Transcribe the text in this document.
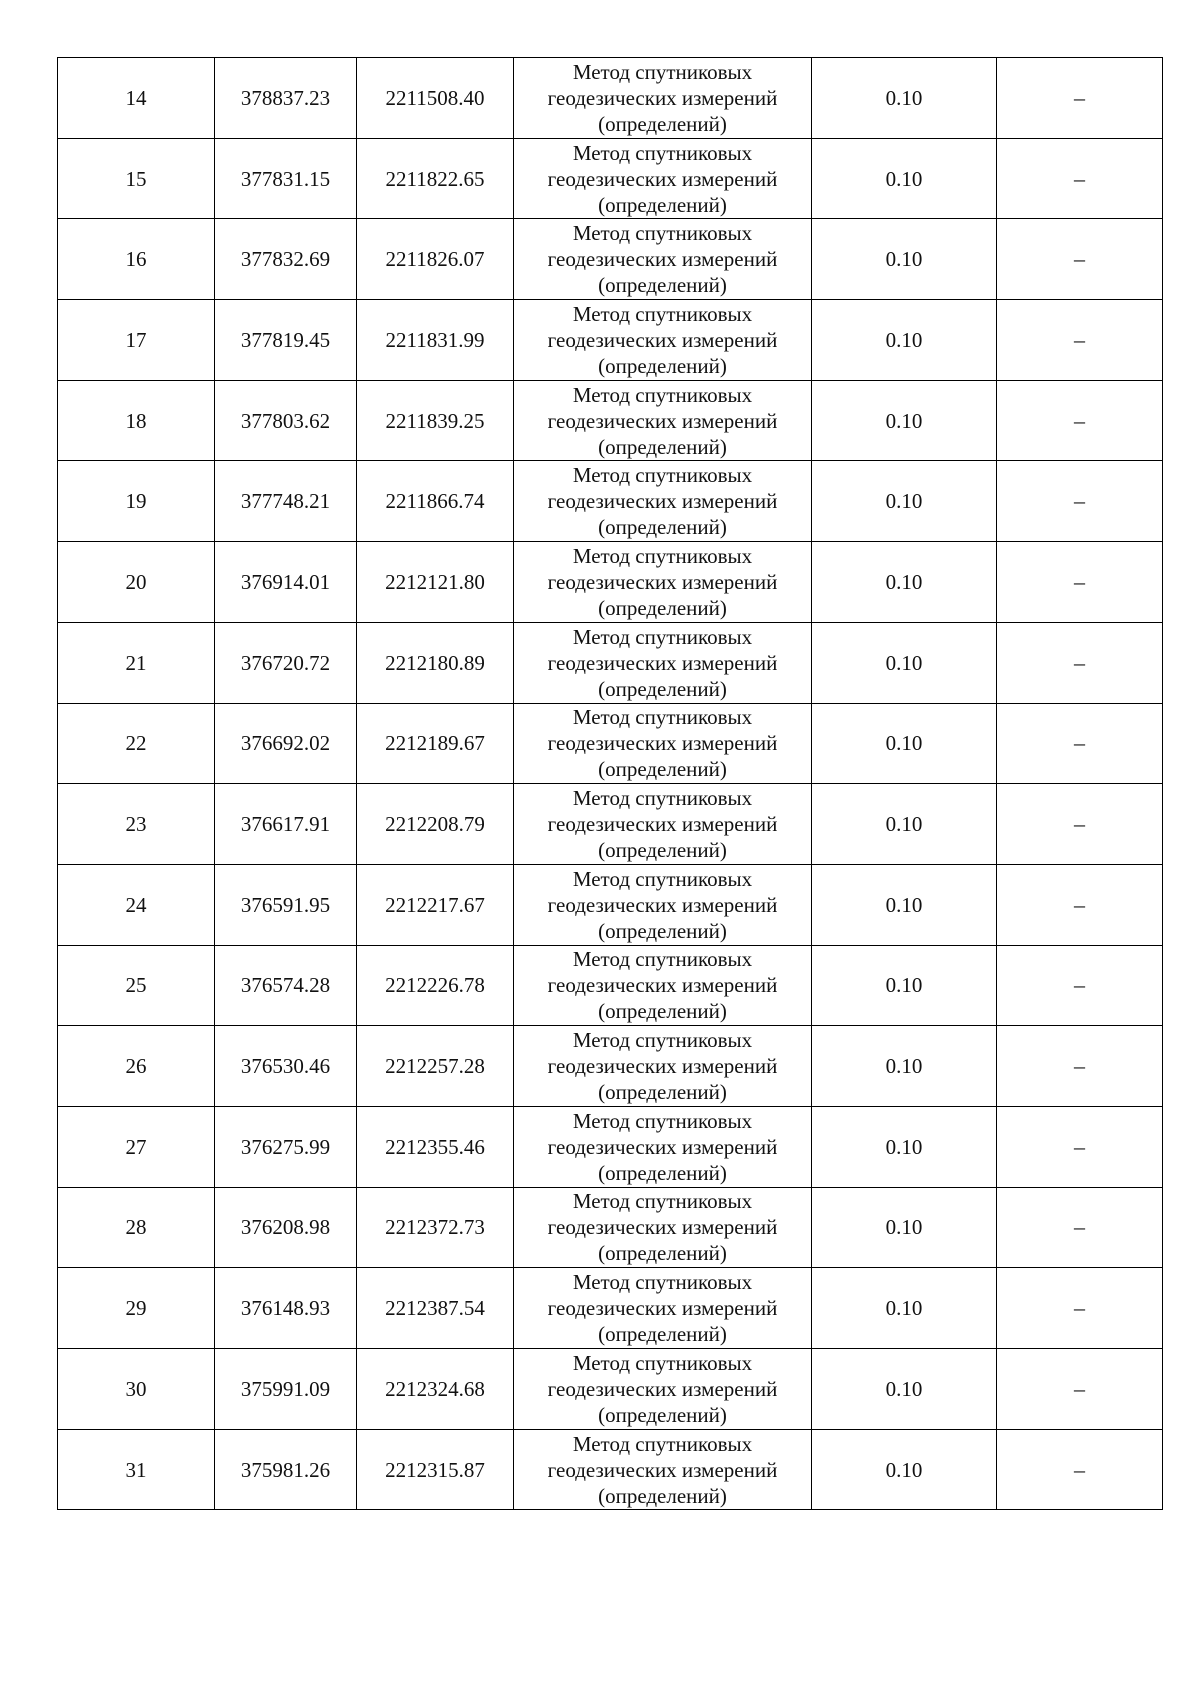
14	378837.23	2211508.40	Метод спутниковых
геодезических измерений
(определений)	0.10	–
15	377831.15	2211822.65	Метод спутниковых
геодезических измерений
(определений)	0.10	–
16	377832.69	2211826.07	Метод спутниковых
геодезических измерений
(определений)	0.10	–
17	377819.45	2211831.99	Метод спутниковых
геодезических измерений
(определений)	0.10	–
18	377803.62	2211839.25	Метод спутниковых
геодезических измерений
(определений)	0.10	–
19	377748.21	2211866.74	Метод спутниковых
геодезических измерений
(определений)	0.10	–
20	376914.01	2212121.80	Метод спутниковых
геодезических измерений
(определений)	0.10	–
21	376720.72	2212180.89	Метод спутниковых
геодезических измерений
(определений)	0.10	–
22	376692.02	2212189.67	Метод спутниковых
геодезических измерений
(определений)	0.10	–
23	376617.91	2212208.79	Метод спутниковых
геодезических измерений
(определений)	0.10	–
24	376591.95	2212217.67	Метод спутниковых
геодезических измерений
(определений)	0.10	–
25	376574.28	2212226.78	Метод спутниковых
геодезических измерений
(определений)	0.10	–
26	376530.46	2212257.28	Метод спутниковых
геодезических измерений
(определений)	0.10	–
27	376275.99	2212355.46	Метод спутниковых
геодезических измерений
(определений)	0.10	–
28	376208.98	2212372.73	Метод спутниковых
геодезических измерений
(определений)	0.10	–
29	376148.93	2212387.54	Метод спутниковых
геодезических измерений
(определений)	0.10	–
30	375991.09	2212324.68	Метод спутниковых
геодезических измерений
(определений)	0.10	–
31	375981.26	2212315.87	Метод спутниковых
геодезических измерений
(определений)	0.10	–
